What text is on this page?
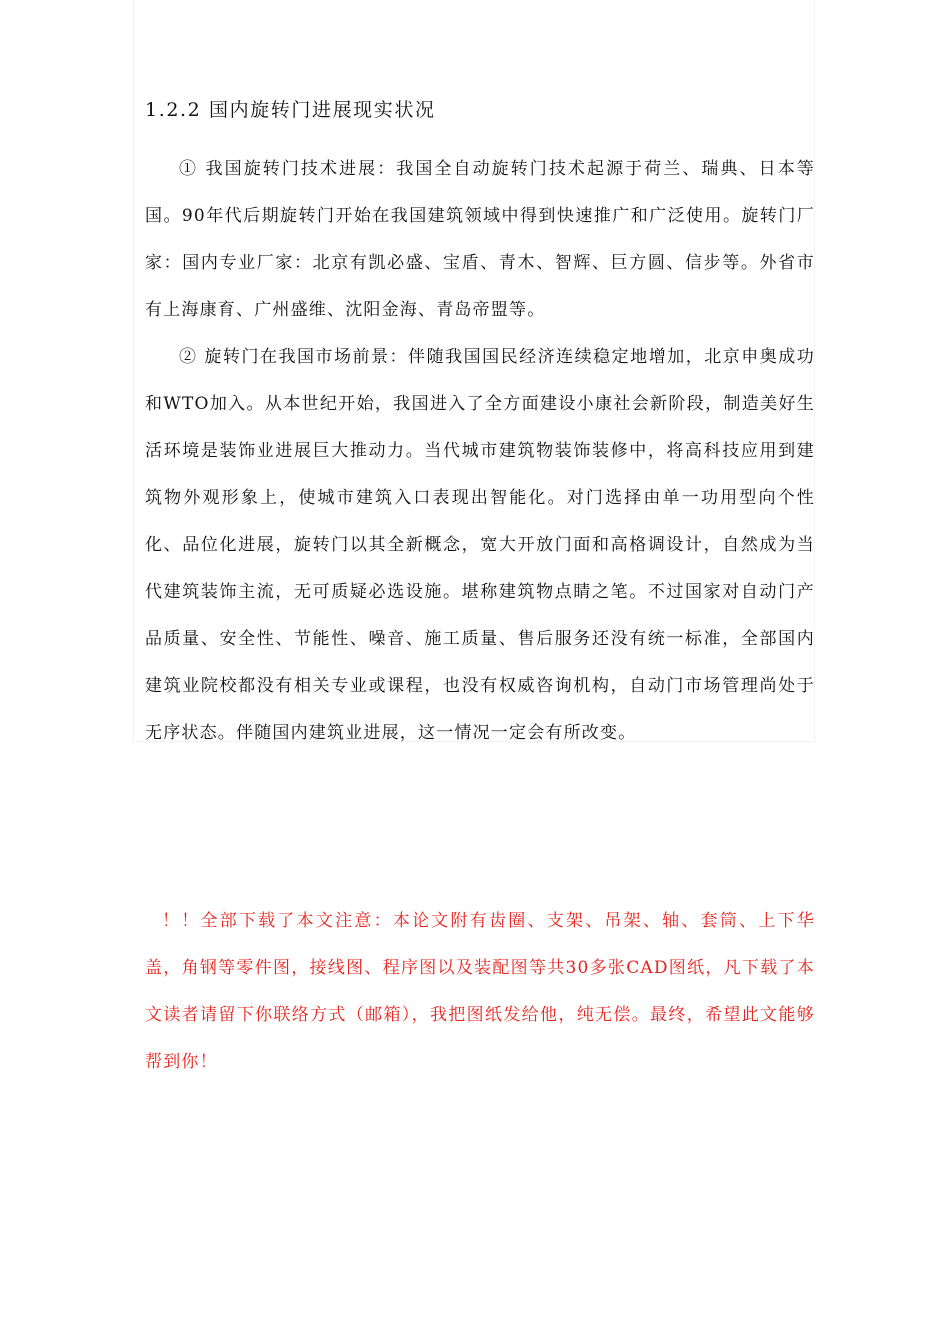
1.2.2 国内旋转门进展现实状况

① 我国旋转门技术进展：我国全自动旋转门技术起源于荷兰、瑞典、日本等国。90年代后期旋转门开始在我国建筑领域中得到快速推广和广泛使用。旋转门厂家：国内专业厂家：北京有凯必盛、宝盾、青木、智辉、巨方圆、信步等。外省市有上海康育、广州盛维、沈阳金海、青岛帝盟等。

② 旋转门在我国市场前景：伴随我国国民经济连续稳定地增加，北京申奥成功和WTO加入。从本世纪开始，我国进入了全方面建设小康社会新阶段，制造美好生活环境是装饰业进展巨大推动力。当代城市建筑物装饰装修中，将高科技应用到建筑物外观形象上，使城市建筑入口表现出智能化。对门选择由单一功用型向个性化、品位化进展，旋转门以其全新概念，宽大开放门面和高格调设计，自然成为当代建筑装饰主流，无可质疑必选设施。堪称建筑物点睛之笔。不过国家对自动门产品质量、安全性、节能性、噪音、施工质量、售后服务还没有统一标准，全部国内建筑业院校都没有相关专业或课程，也没有权威咨询机构，自动门市场管理尚处于无序状态。伴随国内建筑业进展，这一情况一定会有所改变。

！！全部下载了本文注意：本论文附有齿圈、支架、吊架、轴、套筒、上下华盖，角钢等零件图，接线图、程序图以及装配图等共30多张CAD图纸，凡下载了本文读者请留下你联络方式（邮箱），我把图纸发给他，纯无偿。最终，希望此文能够帮到你！
